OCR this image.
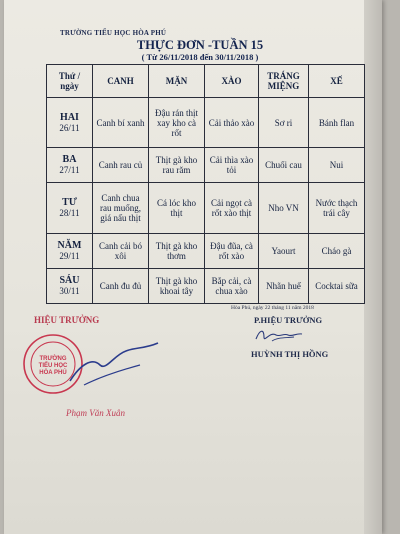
TRƯỜNG TIỂU HỌC HÒA PHÚ
THỰC ĐƠN -TUẦN 15
( Từ 26/11/2018 đến 30/11/2018 )
Thứ / ngày	CANH	MẶN	XÀO	TRÁNG MIỆNG	XẾ

HAI
26/11	Canh bí xanh	Đậu rán thịt xay kho cà rốt	Cải thảo xào	Sơ ri	Bánh flan

BA
27/11	Canh rau củ	Thịt gà kho rau răm	Cải thìa xào tỏi	Chuối cau	Nui

TƯ
28/11	Canh chua rau muống, giá nấu thịt	Cá lóc kho thịt	Cải ngọt cà rốt xào thịt	Nho VN	Nước thạch trái cây

NĂM
29/11	Canh cải bó xôi	Thịt gà kho thơm	Đậu đũa, cà rốt xào	Yaourt	Cháo gà

SÁU
30/11	Canh đu đủ	Thịt gà kho khoai tây	Bắp cải, cà chua xào	Nhãn huế	Cocktai sữa
Hòa Phú, ngày 22 tháng 11 năm 2018
HIỆU TRƯỞNG	P.HIỆU TRƯỞNG
HUỲNH THỊ HỒNG
TRƯỜNG
TIỂU HỌC
HÒA PHÚ
Phạm Văn Xuân
